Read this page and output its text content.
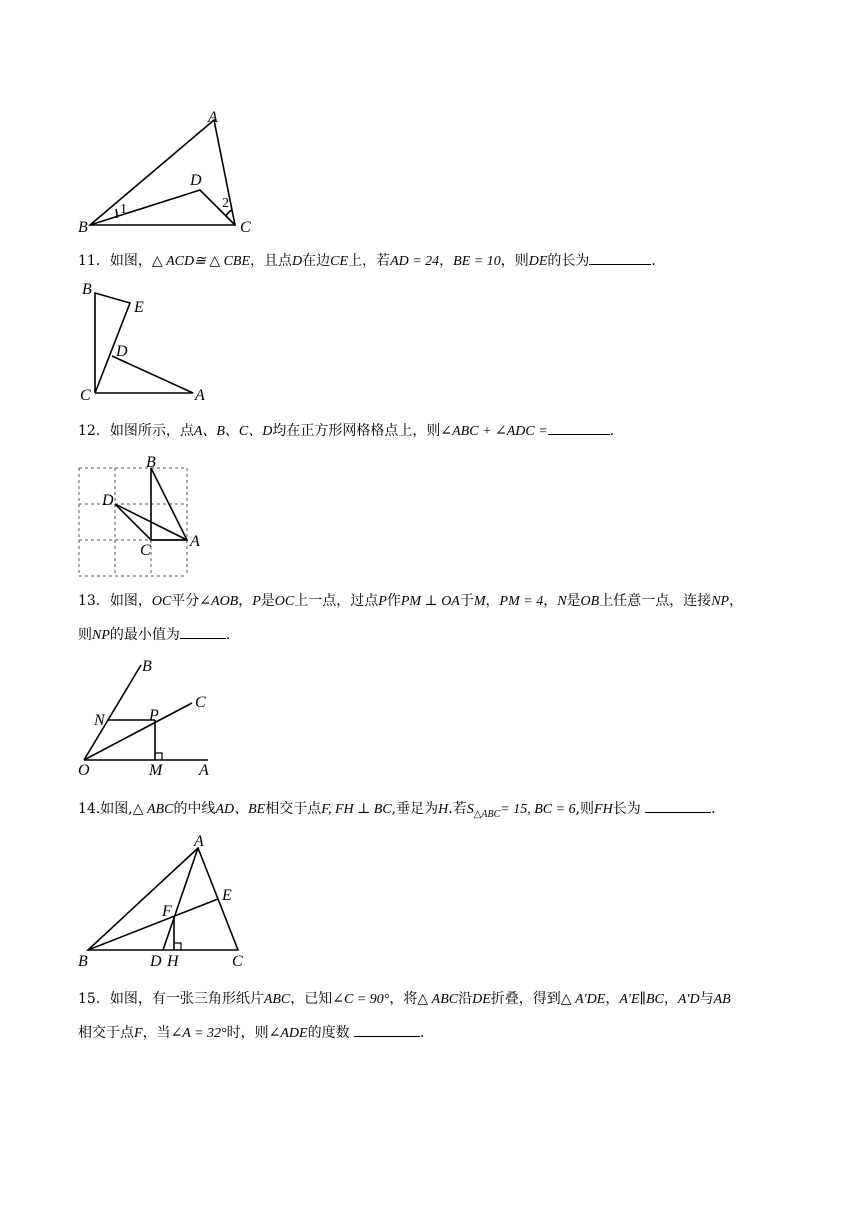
A
B	C
D
1	2
11．如图，△ ACD≅ △ CBE，且点D在边CE上，若AD = 24，BE = 10，则DE的长为	．
B
E
D
C	A
12．如图所示，点A、B、C、D均在正方形网格格点上，则∠ABC + ∠ADC =	．
B
D
C
A
13．如图，OC平分∠AOB，P是OC上一点，过点P作PM ⊥ OA于M，PM = 4，N是OB上任意一点，连接NP，
则NP的最小值为	．
B
C
N	P
O	M A
14.如图,△ ABC的中线AD、BE相交于点F, FH ⊥ BC,垂足为H.若$S_{\triangle ABC}= 15$, BC = 6,则FH长为	．
A
E
F
B	D H	C
15．如图，有一张三角形纸片ABC，已知∠C = 90°，将△ ABC沿DE折叠，得到△ A′DE，A′E∥BC，A′D与AB
相交于点F，当∠A = 32°时，则∠ADE的度数	．
